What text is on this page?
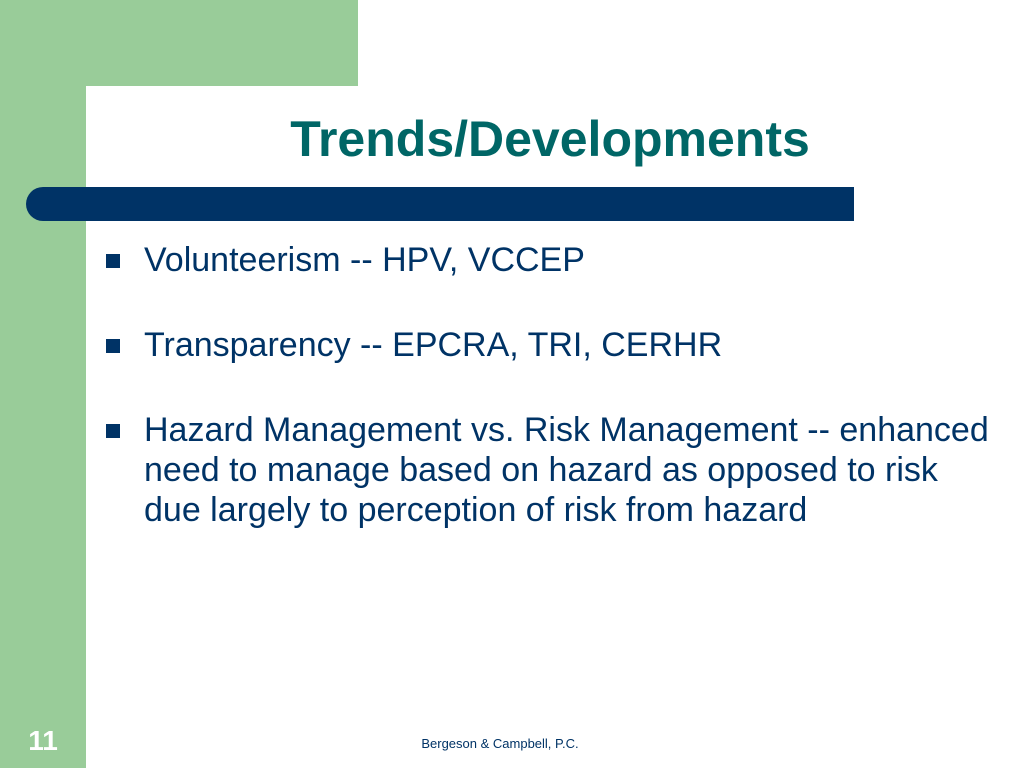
Trends/Developments
Volunteerism -- HPV, VCCEP
Transparency -- EPCRA, TRI, CERHR
Hazard Management vs. Risk Management -- enhanced need to manage based on hazard as opposed to risk due largely to perception of risk from hazard
Bergeson & Campbell, P.C.
11
